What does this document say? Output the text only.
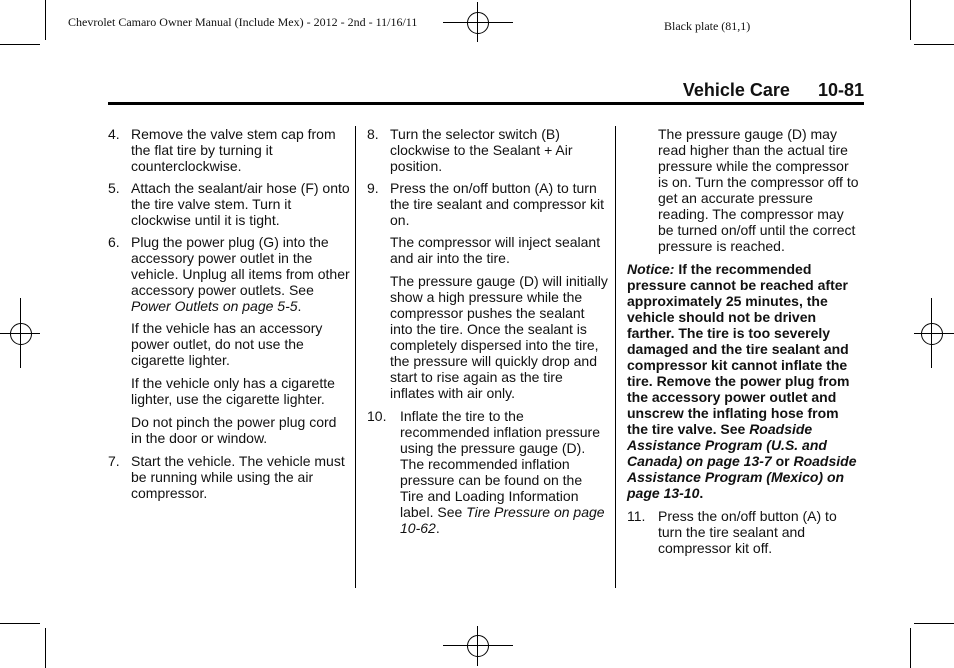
Chevrolet Camaro Owner Manual (Include Mex) - 2012 - 2nd - 11/16/11	Black plate (81,1)
Vehicle Care 10-81
4. Remove the valve stem cap from the flat tire by turning it counterclockwise.
5. Attach the sealant/air hose (F) onto the tire valve stem. Turn it clockwise until it is tight.
6. Plug the power plug (G) into the accessory power outlet in the vehicle. Unplug all items from other accessory power outlets. See Power Outlets on page 5-5.

If the vehicle has an accessory power outlet, do not use the cigarette lighter.

If the vehicle only has a cigarette lighter, use the cigarette lighter.

Do not pinch the power plug cord in the door or window.

7. Start the vehicle. The vehicle must be running while using the air compressor.
8. Turn the selector switch (B) clockwise to the Sealant + Air position.
9. Press the on/off button (A) to turn the tire sealant and compressor kit on.

The compressor will inject sealant and air into the tire.

The pressure gauge (D) will initially show a high pressure while the compressor pushes the sealant into the tire. Once the sealant is completely dispersed into the tire, the pressure will quickly drop and start to rise again as the tire inflates with air only.

10. Inflate the tire to the recommended inflation pressure using the pressure gauge (D). The recommended inflation pressure can be found on the Tire and Loading Information label. See Tire Pressure on page 10-62.

The pressure gauge (D) may read higher than the actual tire pressure while the compressor is on. Turn the compressor off to get an accurate pressure reading. The compressor may be turned on/off until the correct pressure is reached.

Notice: If the recommended pressure cannot be reached after approximately 25 minutes, the vehicle should not be driven farther. The tire is too severely damaged and the tire sealant and compressor kit cannot inflate the tire. Remove the power plug from the accessory power outlet and unscrew the inflating hose from the tire valve. See Roadside Assistance Program (U.S. and Canada) on page 13-7 or Roadside Assistance Program (Mexico) on page 13-10.

11. Press the on/off button (A) to turn the tire sealant and compressor kit off.
